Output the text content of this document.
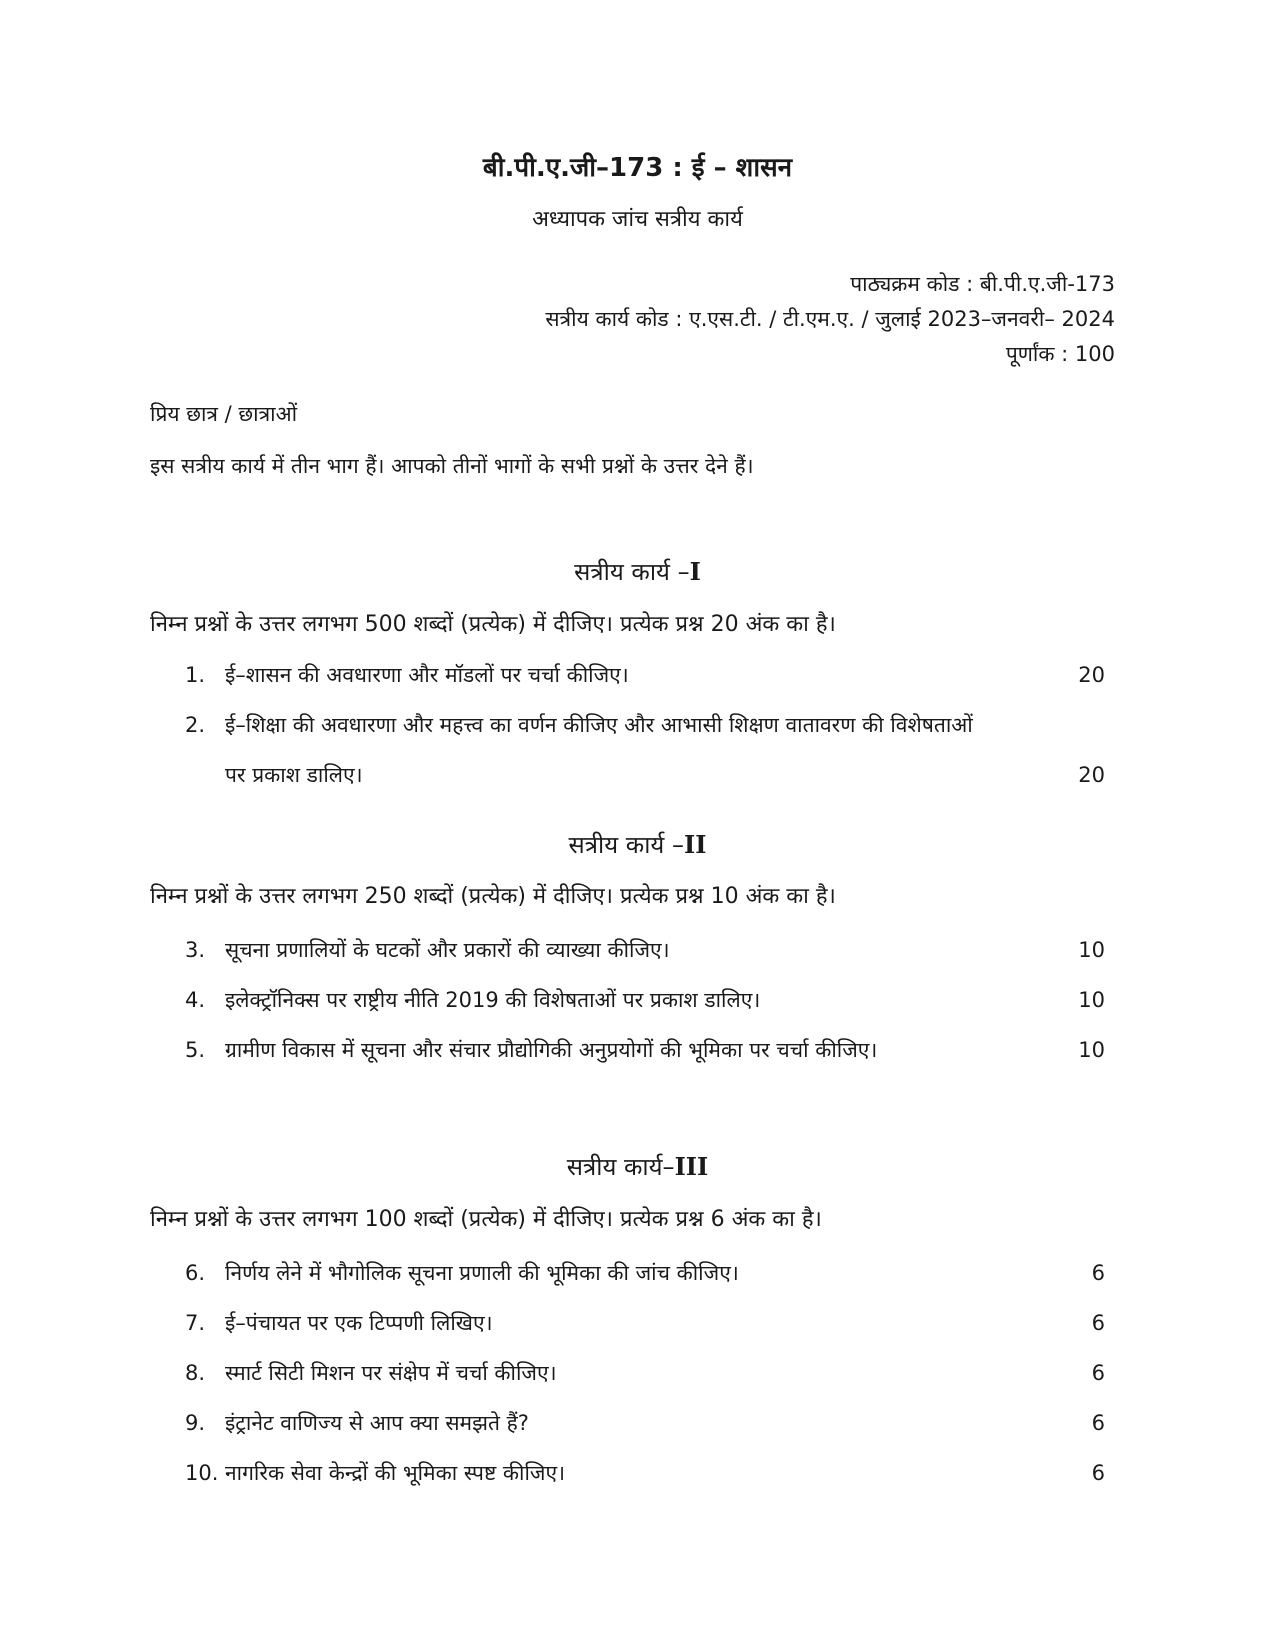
बी.पी.ए.जी–173 : ई – शासन
अध्यापक जांच सत्रीय कार्य
पाठ्यक्रम कोड : बी.पी.ए.जी-173
सत्रीय कार्य कोड : ए.एस.टी. / टी.एम.ए. / जुलाई 2023–जनवरी– 2024
पूर्णांक : 100
प्रिय छात्र / छात्राओं
इस सत्रीय कार्य में तीन भाग हैं। आपको तीनों भागों के सभी प्रश्नों के उत्तर देने हैं।
सत्रीय कार्य –I
निम्न प्रश्नों के उत्तर लगभग 500 शब्दों (प्रत्येक) में दीजिए। प्रत्येक प्रश्न 20 अंक का है।
1. ई–शासन की अवधारणा और मॉडलों पर चर्चा कीजिए।	20
2. ई–शिक्षा की अवधारणा और महत्त्व का वर्णन कीजिए और आभासी शिक्षण वातावरण की विशेषताओं पर प्रकाश डालिए।	20
सत्रीय कार्य –II
निम्न प्रश्नों के उत्तर लगभग 250 शब्दों (प्रत्येक) में दीजिए। प्रत्येक प्रश्न 10 अंक का है।
3. सूचना प्रणालियों के घटकों और प्रकारों की व्याख्या कीजिए।	10
4. इलेक्ट्रॉनिक्स पर राष्ट्रीय नीति 2019 की विशेषताओं पर प्रकाश डालिए।	10
5. ग्रामीण विकास में सूचना और संचार प्रौद्योगिकी अनुप्रयोगों की भूमिका पर चर्चा कीजिए।	10
सत्रीय कार्य–III
निम्न प्रश्नों के उत्तर लगभग 100 शब्दों (प्रत्येक) में दीजिए। प्रत्येक प्रश्न 6 अंक का है।
6. निर्णय लेने में भौगोलिक सूचना प्रणाली की भूमिका की जांच कीजिए।	6
7. ई–पंचायत पर एक टिप्पणी लिखिए।	6
8. स्मार्ट सिटी मिशन पर संक्षेप में चर्चा कीजिए।	6
9. इंट्रानेट वाणिज्य से आप क्या समझते हैं?	6
10. नागरिक सेवा केन्द्रों की भूमिका स्पष्ट कीजिए।	6
